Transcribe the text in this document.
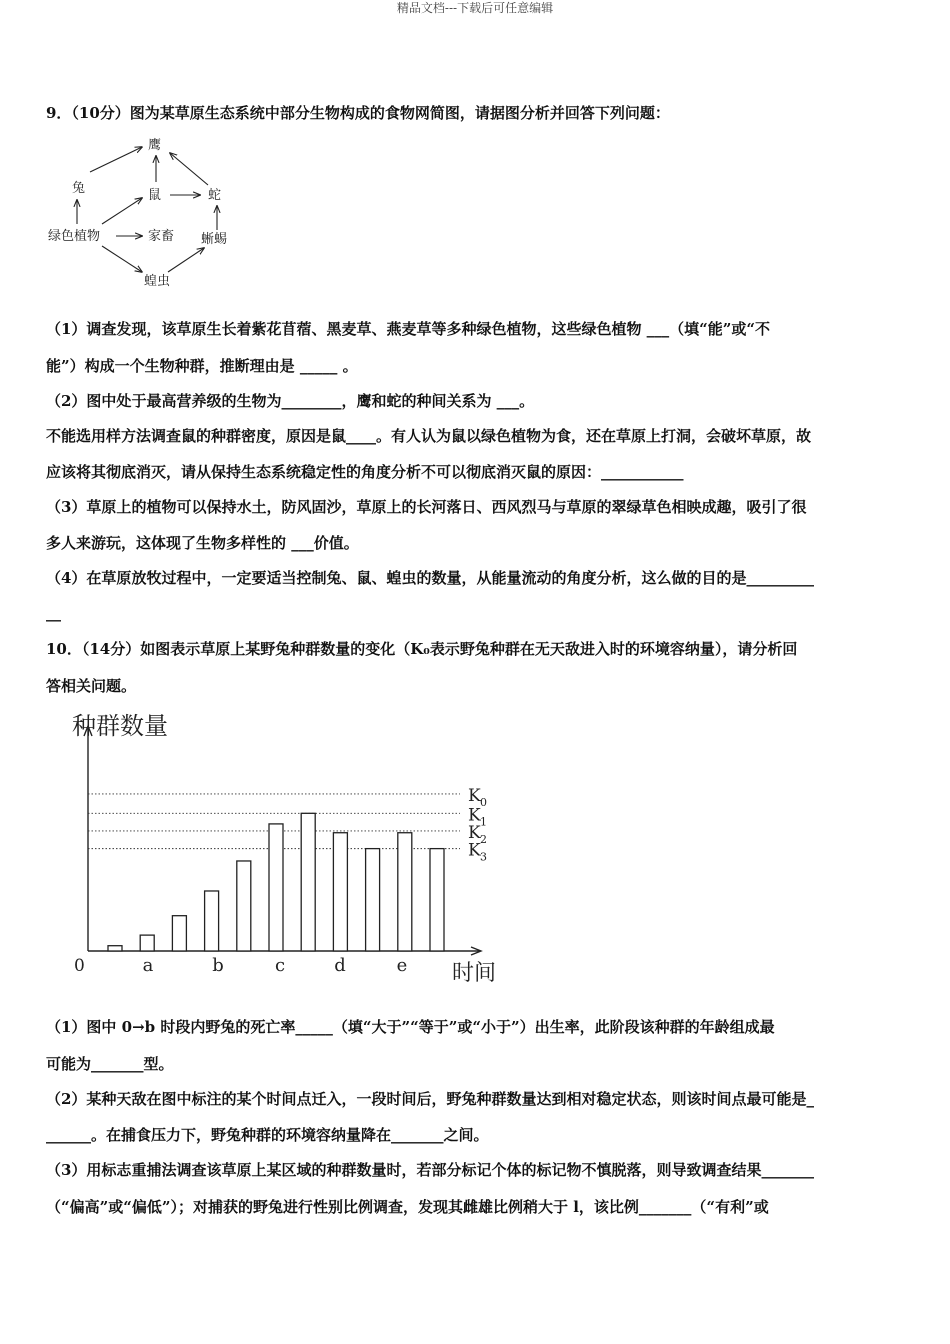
精品文档---下载后可任意编辑
9．（10分）图为某草原生态系统中部分生物构成的食物网简图，请据图分析并回答下列问题：
鹰
兔	鼠	蛇
绿色植物	家畜 蜥蜴
蝗虫
（1）调查发现，该草原生长着紫花苜蓿、黑麦草、燕麦草等多种绿色植物，这些绿色植物 ___（填“能”或“不
能”）构成一个生物种群，推断理由是 _____ 。
（2）图中处于最高营养级的生物为________，鹰和蛇的种间关系为 ___。
不能选用样方法调查鼠的种群密度，原因是鼠____。有人认为鼠以绿色植物为食，还在草原上打洞，会破坏草原，故
应该将其彻底消灭，请从保持生态系统稳定性的角度分析不可以彻底消灭鼠的原因：___________
（3）草原上的植物可以保持水土，防风固沙，草原上的长河落日、西风烈马与草原的翠绿草色相映成趣，吸引了很
多人来游玩，这体现了生物多样性的 ___价值。
（4）在草原放牧过程中，一定要适当控制兔、鼠、蝗虫的数量，从能量流动的角度分析，这么做的目的是_________
__
10．（14分）如图表示草原上某野兔种群数量的变化（K₀表示野兔种群在无天敌进入时的环境容纳量），请分析回
答相关问题。
种群数量
时间
0
K 0
K 1
K 2
K 3
a	b	c	d	e
（1）图中 0→b 时段内野兔的死亡率_____（填“大于”“等于”或“小于”）出生率，此阶段该种群的年龄组成最
可能为_______型。
（2）某种天敌在图中标注的某个时间点迁入，一段时间后，野兔种群数量达到相对稳定状态，则该时间点最可能是_
______。在捕食压力下，野兔种群的环境容纳量降在_______之间。
（3）用标志重捕法调查该草原上某区域的种群数量时，若部分标记个体的标记物不慎脱落，则导致调查结果_______
（“偏高”或“偏低”）；对捕获的野兔进行性别比例调查，发现其雌雄比例稍大于 l，该比例_______（“有利”或
